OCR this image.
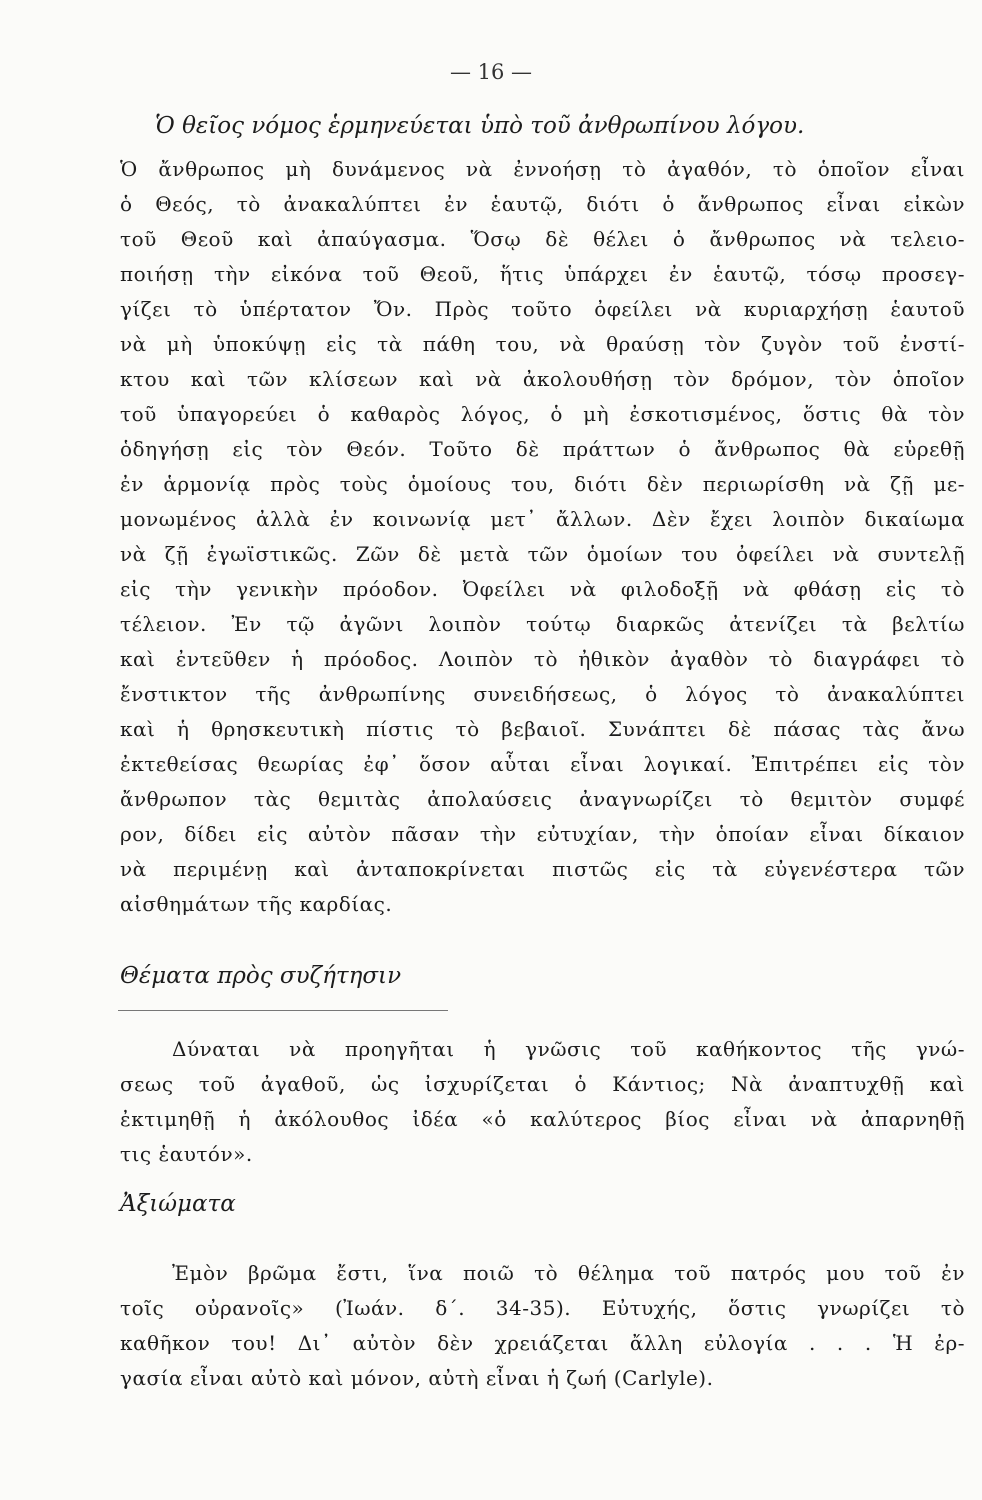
— 16 —
Ὁ θεῖος νόμος ἑρμηνεύεται ὑπὸ τοῦ ἀνθρωπίνου λόγου.
Ὁ ἄνθρωπος μὴ δυνάμενος νὰ ἐννοήσῃ τὸ ἀγαθόν, τὸ ὁποῖον εἶναι
ὁ Θεός, τὸ ἀνακαλύπτει ἐν ἑαυτῷ, διότι ὁ ἄνθρωπος εἶναι εἰκὼν
τοῦ Θεοῦ καὶ ἀπαύγασμα. Ὅσῳ δὲ θέλει ὁ ἄνθρωπος νὰ τελειο-
ποιήσῃ τὴν εἰκόνα τοῦ Θεοῦ, ἥτις ὑπάρχει ἐν ἑαυτῷ, τόσῳ προσεγ-
γίζει τὸ ὑπέρτατον Ὄν. Πρὸς τοῦτο ὀφείλει νὰ κυριαρχήσῃ ἑαυτοῦ
νὰ μὴ ὑποκύψῃ εἰς τὰ πάθη του, νὰ θραύσῃ τὸν ζυγὸν τοῦ ἐνστί-
κτου καὶ τῶν κλίσεων καὶ νὰ ἀκολουθήσῃ τὸν δρόμον, τὸν ὁποῖον
τοῦ ὑπαγορεύει ὁ καθαρὸς λόγος, ὁ μὴ ἐσκοτισμένος, ὅστις θὰ τὸν
ὁδηγήσῃ εἰς τὸν Θεόν. Τοῦτο δὲ πράττων ὁ ἄνθρωπος θὰ εὑρεθῇ
ἐν ἁρμονίᾳ πρὸς τοὺς ὁμοίους του, διότι δὲν περιωρίσθη νὰ ζῇ με-
μονωμένος ἀλλὰ ἐν κοινωνίᾳ μετ᾽ ἄλλων. Δὲν ἔχει λοιπὸν δικαίωμα
νὰ ζῇ ἐγωϊστικῶς. Ζῶν δὲ μετὰ τῶν ὁμοίων του ὀφείλει νὰ συντελῇ
εἰς τὴν γενικὴν πρόοδον. Ὀφείλει νὰ φιλοδοξῇ νὰ φθάσῃ εἰς τὸ
τέλειον. Ἐν τῷ ἀγῶνι λοιπὸν τούτῳ διαρκῶς ἀτενίζει τὰ βελτίω
καὶ ἐντεῦθεν ἡ πρόοδος. Λοιπὸν τὸ ἠθικὸν ἀγαθὸν τὸ διαγράφει τὸ
ἔνστικτον τῆς ἀνθρωπίνης συνειδήσεως, ὁ λόγος τὸ ἀνακαλύπτει
καὶ ἡ θρησκευτικὴ πίστις τὸ βεβαιοῖ. Συνάπτει δὲ πάσας τὰς ἄνω
ἐκτεθείσας θεωρίας ἐφ᾽ ὅσον αὗται εἶναι λογικαί. Ἐπιτρέπει εἰς τὸν
ἄνθρωπον τὰς θεμιτὰς ἀπολαύσεις ἀναγνωρίζει τὸ θεμιτὸν συμφέ
ρον, δίδει εἰς αὐτὸν πᾶσαν τὴν εὐτυχίαν, τὴν ὁποίαν εἶναι δίκαιον
νὰ περιμένῃ καὶ ἀνταποκρίνεται πιστῶς εἰς τὰ εὐγενέστερα τῶν
αἰσθημάτων τῆς καρδίας.
Θέματα πρὸς συζήτησιν
Δύναται νὰ προηγῆται ἡ γνῶσις τοῦ καθήκοντος τῆς γνώ-
σεως τοῦ ἀγαθοῦ, ὡς ἰσχυρίζεται ὁ Κάντιος; Νὰ ἀναπτυχθῇ καὶ
ἐκτιμηθῇ ἡ ἀκόλουθος ἰδέα «ὁ καλύτερος βίος εἶναι νὰ ἀπαρνηθῇ
τις ἑαυτόν».
Ἀξιώματα
Ἐμὸν βρῶμα ἔστι, ἵνα ποιῶ τὸ θέλημα τοῦ πατρός μου τοῦ ἐν
τοῖς οὐρανοῖς» (Ἰωάν. δ΄. 34-35). Εὐτυχής, ὅστις γνωρίζει τὸ
καθῆκον του! Δι᾽ αὐτὸν δὲν χρειάζεται ἄλλη εὐλογία . . . Ἡ ἐρ-
γασία εἶναι αὐτὸ καὶ μόνον, αὐτὴ εἶναι ἡ ζωή (Carlyle).
